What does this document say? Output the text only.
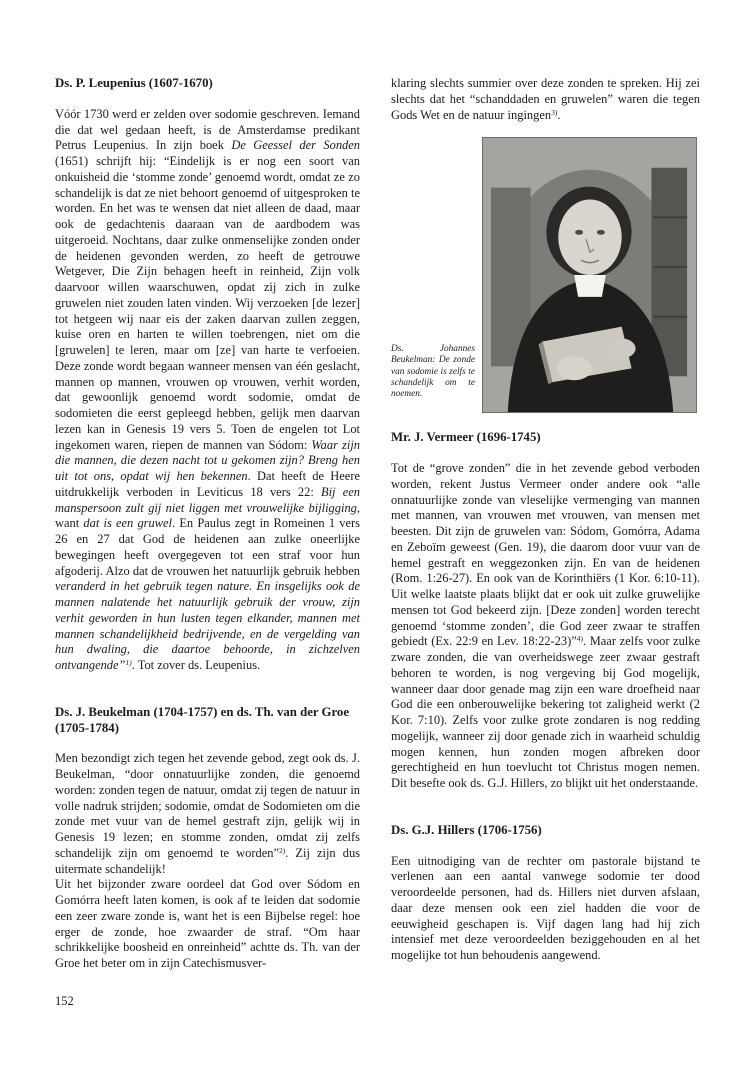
Ds. P. Leupenius (1607-1670)

Vóór 1730 werd er zelden over sodomie geschreven. Iemand die dat wel gedaan heeft, is de Amsterdamse predikant Petrus Leupenius. In zijn boek De Geessel der Sonden (1651) schrijft hij: “Eindelijk is er nog een soort van onkuisheid die ‘stomme zonde’ genoemd wordt, omdat ze zo schandelijk is dat ze niet behoort genoemd of uitgesproken te worden. En het was te wensen dat niet alleen de daad, maar ook de gedachtenis daaraan van de aardbodem was uitgeroeid. Nochtans, daar zulke onmenselijke zonden onder de heidenen gevonden werden, zo heeft de getrouwe Wetgever, Die Zijn behagen heeft in reinheid, Zijn volk daarvoor willen waarschuwen, opdat zij zich in zulke gruwelen niet zouden laten vinden. Wij verzoeken [de lezer] tot hetgeen wij naar eis der zaken daarvan zullen zeggen, kuise oren en harten te willen toebrengen, niet om die [gruwelen] te leren, maar om [ze] van harte te verfoeien. Deze zonde wordt begaan wanneer mensen van één geslacht, mannen op mannen, vrouwen op vrouwen, verhit worden, dat gewoonlijk genoemd wordt sodomie, omdat de sodomieten die eerst gepleegd hebben, gelijk men daarvan lezen kan in Genesis 19 vers 5. Toen de engelen tot Lot ingekomen waren, riepen de mannen van Sódom: Waar zijn die mannen, die dezen nacht tot u gekomen zijn? Breng hen uit tot ons, opdat wij hen bekennen. Dat heeft de Heere uitdrukkelijk verboden in Leviticus 18 vers 22: Bij een manspersoon zult gij niet liggen met vrouwelijke bijligging, want dat is een gruwel. En Paulus zegt in Romeinen 1 vers 26 en 27 dat God de heidenen aan zulke oneerlijke bewegingen heeft overgegeven tot een straf voor hun afgoderij. Alzo dat de vrouwen het natuurlijk gebruik hebben veranderd in het gebruik tegen nature. En insgelijks ook de mannen nalatende het natuurlijk gebruik der vrouw, zijn verhit geworden in hun lusten tegen elkander, mannen met mannen schandelijkheid bedrijvende, en de vergelding van hun dwaling, die daartoe behoorde, in zichzelven ontvangende”$^{1)}$. Tot zover ds. Leupenius.

Ds. J. Beukelman (1704-1757) en ds. Th. van der Groe (1705-1784)

Men bezondigt zich tegen het zevende gebod, zegt ook ds. J. Beukelman, “door onnatuurlijke zonden, die genoemd worden: zonden tegen de natuur, omdat zij tegen de natuur in volle nadruk strijden; sodomie, omdat de Sodomieten om die zonde met vuur van de hemel gestraft zijn, gelijk wij in Genesis 19 lezen; en stomme zonden, omdat zij zelfs schandelijk zijn om genoemd te worden”$^{2)}$. Zij zijn dus uitermate schandelijk!

Uit het bijzonder zware oordeel dat God over Sódom en Gomórra heeft laten komen, is ook af te leiden dat sodomie een zeer zware zonde is, want het is een Bijbelse regel: hoe erger de zonde, hoe zwaarder de straf. “Om haar schrikkelijke boosheid en onreinheid” achtte ds. Th. van der Groe het beter om in zijn Catechismusver-

klaring slechts summier over deze zonden te spreken. Hij zei slechts dat het “schanddaden en gruwelen” waren die tegen Gods Wet en de natuur ingingen$^{3)}$.

Ds. Johannes Beukelman: De zonde van sodomie is zelfs te schandelijk om te noemen.
Mr. J. Vermeer (1696-1745)

Tot de “grove zonden” die in het zevende gebod verboden worden, rekent Justus Vermeer onder andere ook “alle onnatuurlijke zonde van vleselijke vermenging van mannen met mannen, van vrouwen met vrouwen, van mensen met beesten. Dit zijn de gruwelen van: Sódom, Gomórra, Adama en Zeboïm geweest (Gen. 19), die daarom door vuur van de hemel gestraft en weggezonken zijn. En van de heidenen (Rom. 1:26-27). En ook van de Korinthiërs (1 Kor. 6:10-11). Uit welke laatste plaats blijkt dat er ook uit zulke gruwelijke mensen tot God bekeerd zijn. [Deze zonden] worden terecht genoemd ‘stomme zonden’, die God zeer zwaar te straffen gebiedt (Ex. 22:9 en Lev. 18:22-23)”$^{4)}$. Maar zelfs voor zulke zware zonden, die van overheidswege zeer zwaar gestraft behoren te worden, is nog vergeving bij God mogelijk, wanneer daar door genade mag zijn een ware droefheid naar God die een onberouwelijke bekering tot zaligheid werkt (2 Kor. 7:10). Zelfs voor zulke grote zondaren is nog redding mogelijk, wanneer zij door genade zich in waarheid schuldig mogen kennen, hun zonden mogen afbreken door gerechtigheid en hun toevlucht tot Christus mogen nemen. Dit besefte ook ds. G.J. Hillers, zo blijkt uit het onderstaande.

Ds. G.J. Hillers (1706-1756)

Een uitnodiging van de rechter om pastorale bijstand te verlenen aan een aantal vanwege sodomie ter dood veroordeelde personen, had ds. Hillers niet durven afslaan, daar deze mensen ook een ziel hadden die voor de eeuwigheid geschapen is. Vijf dagen lang had hij zich intensief met deze veroordeelden beziggehouden en al het mogelijke tot hun behoudenis aangewend.

152
